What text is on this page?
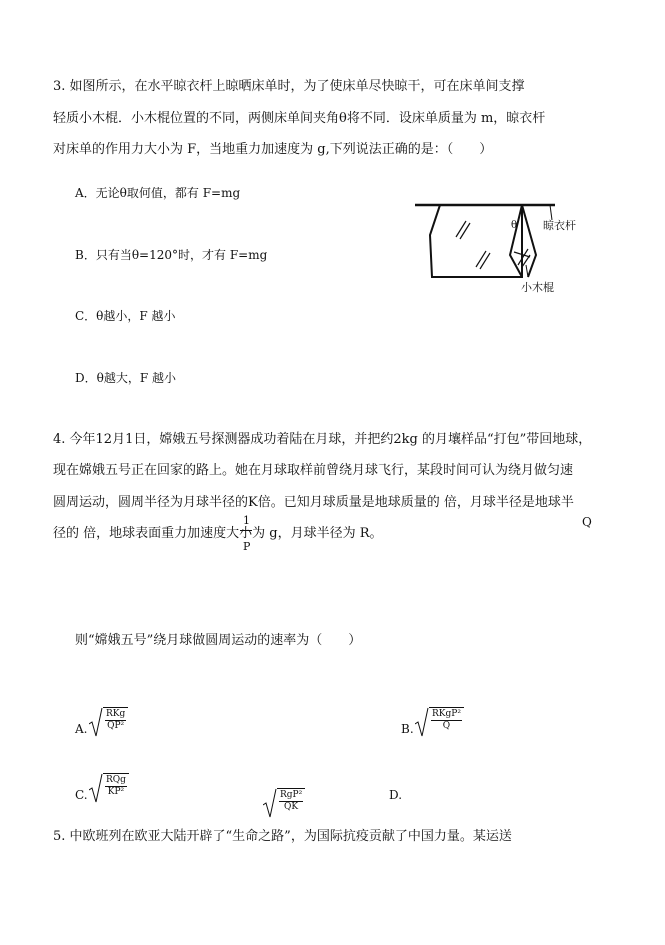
3. 如图所示，在水平晾衣杆上晾晒床单时，为了使床单尽快晾干，可在床单间支撑
轻质小木棍．小木棍位置的不同，两侧床单间夹角θ将不同．设床单质量为 m，晾衣杆
对床单的作用力大小为 F，当地重力加速度为 g,下列说法正确的是：（　　）
A．无论θ取何值，都有 F=mg
B．只有当θ=120°时，才有 F=mg
C．θ越小，F 越小
D．θ越大，F 越小
θ 晾衣杆
小木棍
4. 今年12月1日，嫦娥五号探测器成功着陆在月球，并把约2kg 的月壤样品“打包”带回地球，
现在嫦娥五号正在回家的路上。她在月球取样前曾绕月球飞行，某段时间可认为绕月做匀速
圆周运动，圆周半径为月球半径的K倍。已知月球质量是地球质量的 倍，月球半径是地球半
径的 倍，地球表面重力加速度大小为 g，月球半径为 R。
1
P
Q
则“嫦娥五号”绕月球做圆周运动的速率为（　　）
A. $\frac{\text{RKg}}{\text{QP²}}$	B. $\frac{\text{RKgP²}}{Q}$
C. $\frac{\text{RQg}}{\text{KP²}}$	D.
$\frac{\text{RgP²}}{QK}$
5. 中欧班列在欧亚大陆开辟了“生命之路”，为国际抗疫贡献了中国力量。某运送
